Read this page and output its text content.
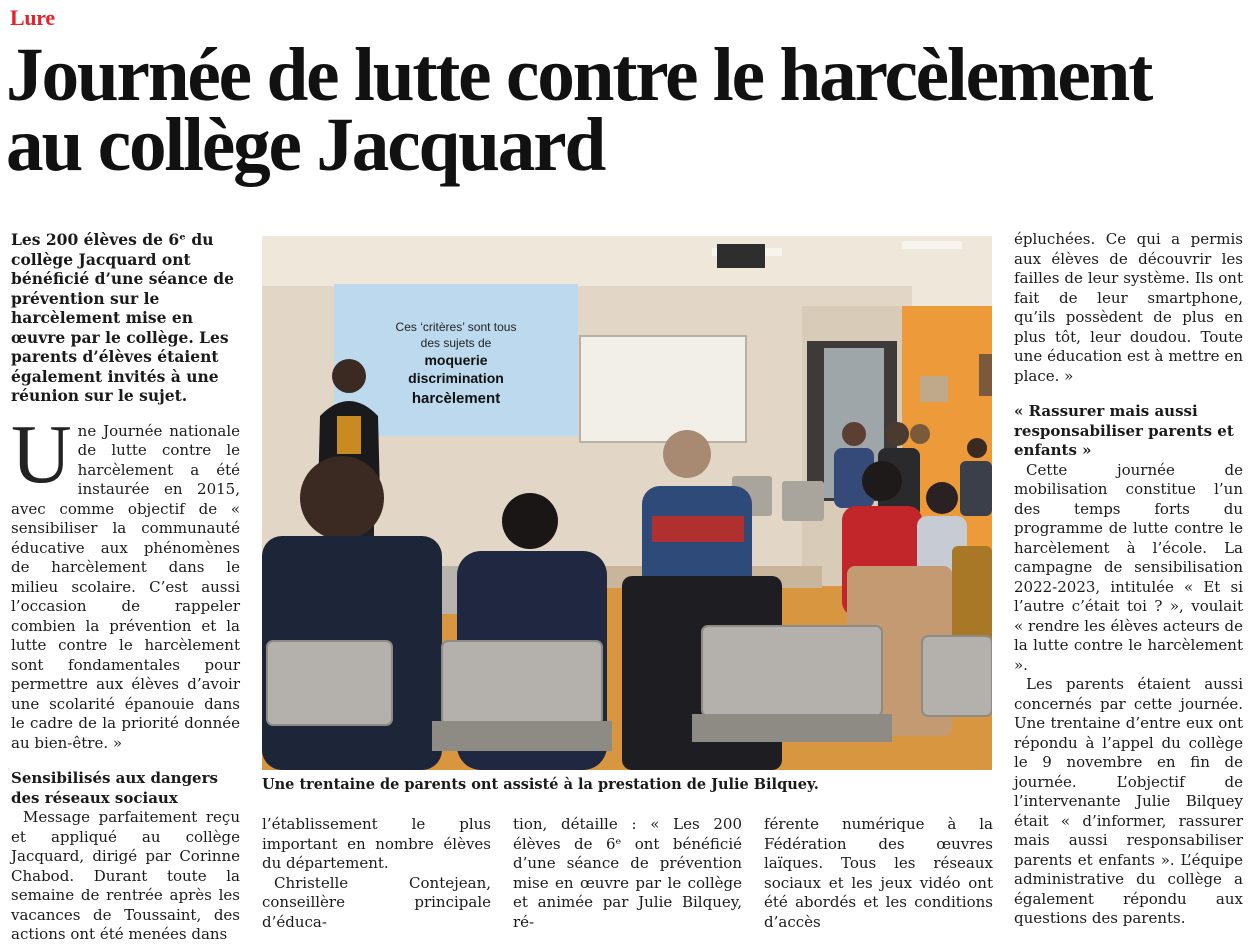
Lure
Journée de lutte contre le harcèlement
au collège Jacquard

Les 200 élèves de 6ᵉ du collège Jacquard ont bénéficié d’une séance de prévention sur le harcèlement mise en œuvre par le collège. Les parents d’élèves étaient également invités à une réunion sur le sujet.

U ne Journée nationale de lutte contre le harcèlement a été instaurée en 2015, avec comme objectif de « sensibiliser la communauté éducative aux phénomènes de harcèlement dans le milieu scolaire. C’est aussi l’occasion de rappeler combien la prévention et la lutte contre le harcèlement sont fondamentales pour permettre aux élèves d’avoir une scolarité épanouie dans le cadre de la priorité donnée au bien-être. »

Sensibilisés aux dangers des réseaux sociaux

Message parfaitement reçu et appliqué au collège Jacquard, dirigé par Corinne Chabod. Durant toute la semaine de rentrée après les vacances de Toussaint, des actions ont été menées dans

Ces ‘critères’ sont tous
des sujets de
moquerie
discrimination
harcèlement
Une trentaine de parents ont assisté à la prestation de Julie Bilquey.

l’établissement le plus important en nombre élèves du département.

Christelle Contejean, conseillère principale d’éduca-

tion, détaille : « Les 200 élèves de 6ᵉ ont bénéficié d’une séance de prévention mise en œuvre par le collège et animée par Julie Bilquey, ré-

férente numérique à la Fédération des œuvres laïques. Tous les réseaux sociaux et les jeux vidéo ont été abordés et les conditions d’accès

épluchées. Ce qui a permis aux élèves de découvrir les failles de leur système. Ils ont fait de leur smartphone, qu’ils possèdent de plus en plus tôt, leur doudou. Toute une éducation est à mettre en place. »

« Rassurer mais aussi responsabiliser parents et enfants »

Cette journée de mobilisation constitue l’un des temps forts du programme de lutte contre le harcèlement à l’école. La campagne de sensibilisation 2022-2023, intitulée « Et si l’autre c’était toi ? », voulait « rendre les élèves acteurs de la lutte contre le harcèlement ».

Les parents étaient aussi concernés par cette journée. Une trentaine d’entre eux ont répondu à l’appel du collège le 9 novembre en fin de journée. L’objectif de l’intervenante Julie Bilquey était « d’informer, rassurer mais aussi responsabiliser parents et enfants ». L’équipe administrative du collège a également répondu aux questions des parents.
